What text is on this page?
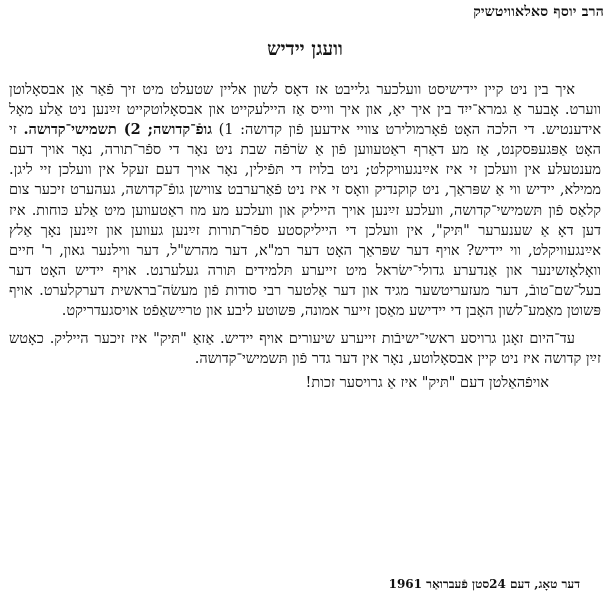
הרב יוסף סאלאוויטשיק
וועגן יידיש

איך בין ניט קיין יידישיסט וועלכער גלייבט אז דאָס לשון אליין שטעלט מיט זיך פֿאַר אַן אבסאָלוטן ווערט. אָבער אַ גמרא־ייִד בין איך יאָ, און איך ווייס אַז היילעקייט און אבסאָלוטקייט זײַנען ניט אַלע מאָל אידענטיש. די הלכה האָט פֿאָרמולירט צוויי אידעען פֿון קדושה: 1) גופֿ־קדושה; 2) תשמישי־קדושה. זי האָט אַפּגעפּסקנט, אַז מע דאַרף ראַטעווען פֿון אַ שׂרפֿה שבת ניט נאָר די ספֿר־תורה, נאָר אויך דעם מענטעלע אין וועלכן זי איז אײַנגעוויקלט; ניט בלויז די תּפֿילין, נאָר אויך דעם זעקל אין וועלכן זיי ליגן. ממילא, יידיש ווי אַ שפּראַך, ניט קוקנדיק וואָס זי איז ניט פֿאַרערבט צווישן גופֿ־קדושה, געהערט זיכער צום קלאַס פֿון תּשמישי־קדושה, וועלכע זײַנען אויך הייליק און וועלכע מע מוז ראַטעווען מיט אַלע כּוחות. איז דען דאָ אַ שענערער "תּיק", אין וועלכן די הייליקסטע ספֿר־תורות זײַנען געווען און זײַנען נאָך אַלץ אײַנגעוויקלט, ווי יידיש? אויף דער שפּראַך האָט דער רמ"א, דער מהרש"ל, דער ווילנער גאון, ר' חיים וואָלאָזשינער און אַנדערע גדולי־ישׂראל מיט זייערע תּלמידים תּורה געלערנט. אויף יידיש האָט דער בעל־שם־טובֿ, דער מעזעריטשער מגיד און דער אַלטער רבי סודות פֿון מעשׂה־בראשית דערקלערט. אויף פּשוטן מאַמע־לשון האָבן די יידישע מאַסן זייער אמונה, פּשוטע ליבע און טרײַשאַפֿט אויסגעדריקט.

עד־היום זאָגן גרויסע ראשי־ישיבֿות זייערע שיעורים אויף יידיש. אַזאַ "תּיק" איז זיכער הייליק. כאָטש זײַן קדושה איז ניט קיין אבסאָלוטע, נאָר אין דער גדר פֿון תּשמישי־קדושה.

אויפֿהאַלטן דעם "תּיק" איז אַ גרויסער זכות!

דער טאָג, דעם 24סטן פֿעברואַר 1961
